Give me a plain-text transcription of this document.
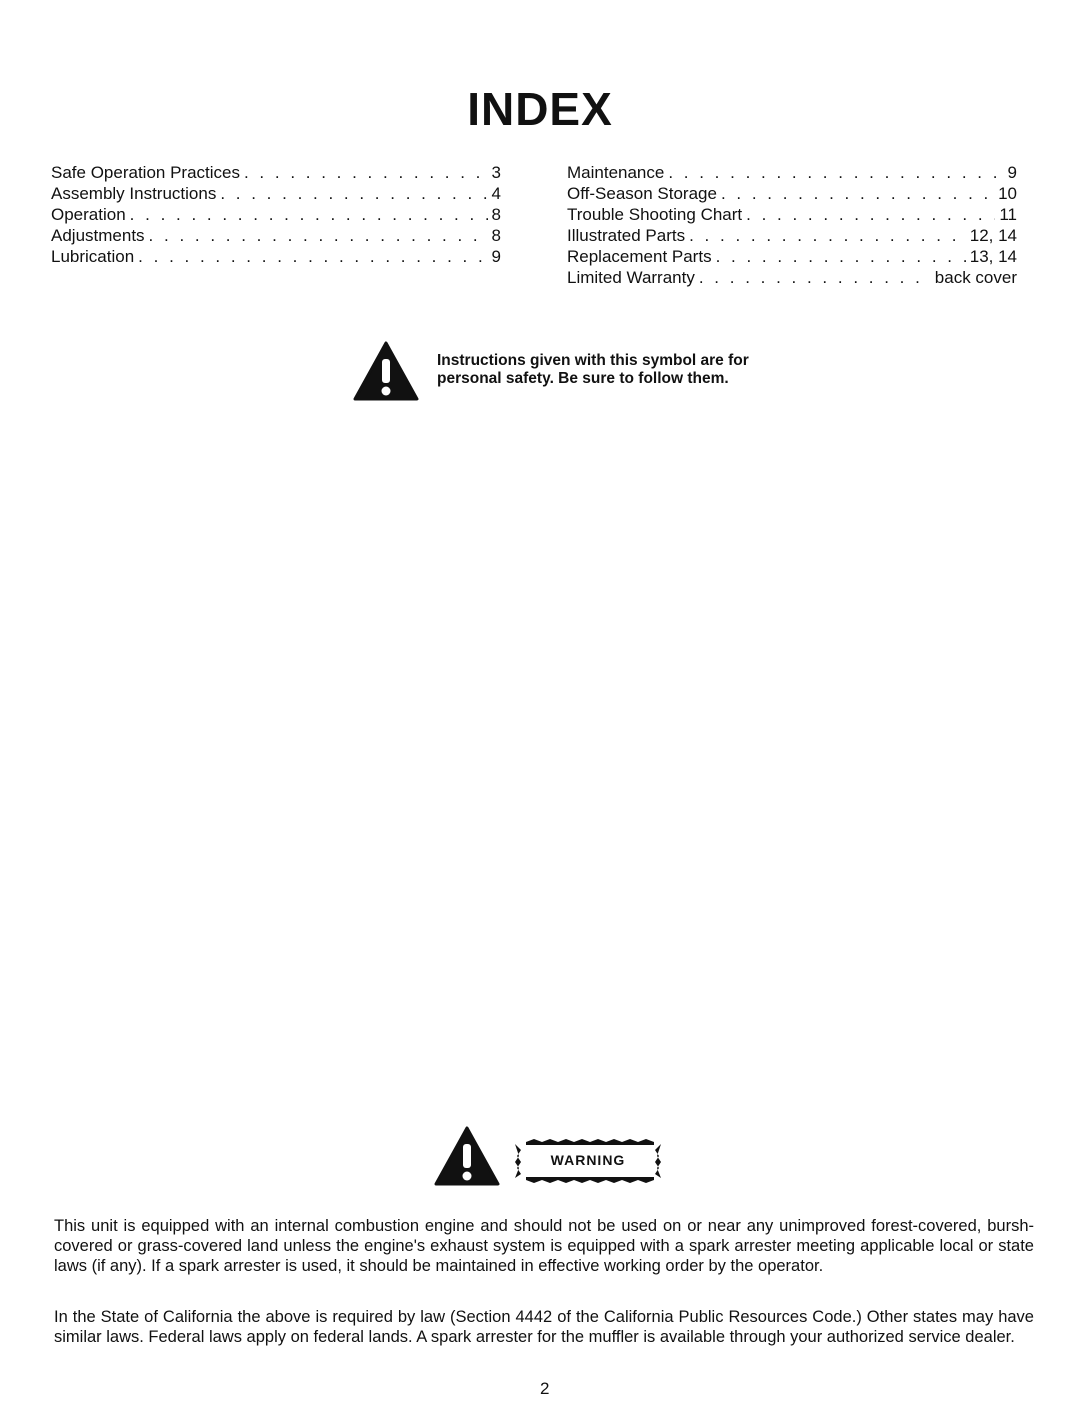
INDEX
Safe Operation Practices . . .	3
Assembly Instructions . . .	4
Operation . . .	8
Adjustments . . .	8
Lubrication . . .	9
Maintenance . . .	9
Off-Season Storage . . .	10
Trouble Shooting Chart . . .	11
Illustrated Parts . . .	12, 14
Replacement Parts . . .	13, 14
Limited Warranty . . .	back cover
Instructions given with this symbol are for personal safety. Be sure to follow them.
WARNING
This unit is equipped with an internal combustion engine and should not be used on or near any unimproved forest-covered, bursh-covered or grass-covered land unless the engine's exhaust system is equipped with a spark arrester meeting applicable local or state laws (if any). If a spark arrester is used, it should be maintained in effective working order by the operator.
In the State of California the above is required by law (Section 4442 of the California Public Resources Code.) Other states may have similar laws. Federal laws apply on federal lands. A spark arrester for the muffler is available through your authorized service dealer.
2
